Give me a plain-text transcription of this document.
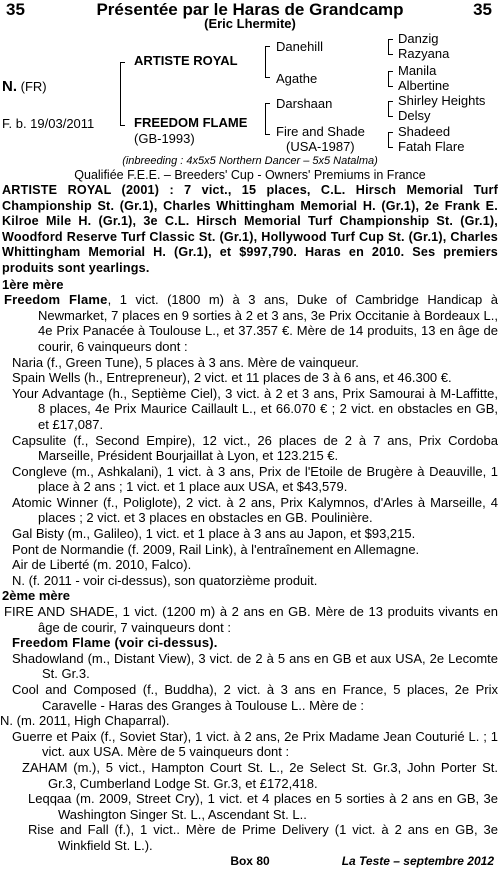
35	Présentée par le Haras de Grandcamp	35
(Eric Lhermite)
N. (FR)
F. b. 19/03/2011
ARTISTE ROYAL
FREEDOM FLAME
(GB-1993)
Danehill
Agathe
Darshaan
Fire and Shade
(USA-1987)
Danzig
Razyana
Manila
Albertine
Shirley Heights
Delsy
Shadeed
Fatah Flare
(inbreeding : 4x5x5 Northern Dancer – 5x5 Natalma)
Qualifiée F.E.E. – Breeders' Cup - Owners' Premiums in France
ARTISTE ROYAL (2001) : 7 vict., 15 places, C.L. Hirsch Memorial Turf Championship St. (Gr.1), Charles Whittingham Memorial H. (Gr.1), 2e Frank E. Kilroe Mile H. (Gr.1), 3e C.L. Hirsch Memorial Turf Championship St. (Gr.1), Woodford Reserve Turf Classic St. (Gr.1), Hollywood Turf Cup St. (Gr.1), Charles Whittingham Memorial H. (Gr.1), et $997,790. Haras en 2010. Ses premiers produits sont yearlings.
1ère mère
Freedom Flame, 1 vict. (1800 m) à 3 ans, Duke of Cambridge Handicap à Newmarket, 7 places en 9 sorties à 2 et 3 ans, 3e Prix Occitanie à Bordeaux L., 4e Prix Panacée à Toulouse L., et 37.357 €. Mère de 14 produits, 13 en âge de courir, 6 vainqueurs dont :
Naria (f., Green Tune), 5 places à 3 ans. Mère de vainqueur.
Spain Wells (h., Entrepreneur), 2 vict. et 11 places de 3 à 6 ans, et 46.300 €.
Your Advantage (h., Septième Ciel), 3 vict. à 2 et 3 ans, Prix Samourai à M-Laffitte, 8 places, 4e Prix Maurice Caillault L., et 66.070 € ; 2 vict. en obstacles en GB, et £17,087.
Capsulite (f., Second Empire), 12 vict., 26 places de 2 à 7 ans, Prix Cordoba Marseille, Président Bourjaillat à Lyon, et 123.215 €.
Congleve (m., Ashkalani), 1 vict. à 3 ans, Prix de l'Etoile de Brugère à Deauville, 1 place à 2 ans ; 1 vict. et 1 place aux USA, et $43,579.
Atomic Winner (f., Poliglote), 2 vict. à 2 ans, Prix Kalymnos, d'Arles à Marseille, 4 places ; 2 vict. et 3 places en obstacles en GB. Poulinière.
Gal Bisty (m., Galileo), 1 vict. et 1 place à 3 ans au Japon, et $93,215.
Pont de Normandie (f. 2009, Rail Link), à l'entraînement en Allemagne.
Air de Liberté (m. 2010, Falco).
N. (f. 2011 - voir ci-dessus), son quatorzième produit.
2ème mère
FIRE AND SHADE, 1 vict. (1200 m) à 2 ans en GB. Mère de 13 produits vivants en âge de courir, 7 vainqueurs dont :
Freedom Flame (voir ci-dessus).
Shadowland (m., Distant View), 3 vict. de 2 à 5 ans en GB et aux USA, 2e Lecomte St. Gr.3.
Cool and Composed (f., Buddha), 2 vict. à 3 ans en France, 5 places, 2e Prix Caravelle - Haras des Granges à Toulouse L.. Mère de :
N. (m. 2011, High Chaparral).
Guerre et Paix (f., Soviet Star), 1 vict. à 2 ans, 2e Prix Madame Jean Couturié L. ; 1 vict. aux USA. Mère de 5 vainqueurs dont :
ZAHAM (m.), 5 vict., Hampton Court St. L., 2e Select St. Gr.3, John Porter St. Gr.3, Cumberland Lodge St. Gr.3, et £172,418.
Leqqaa (m. 2009, Street Cry), 1 vict. et 4 places en 5 sorties à 2 ans en GB, 3e Washington Singer St. L., Ascendant St. L..
Rise and Fall (f.), 1 vict.. Mère de Prime Delivery (1 vict. à 2 ans en GB, 3e Winkfield St. L.).
Box 80	La Teste – septembre 2012
